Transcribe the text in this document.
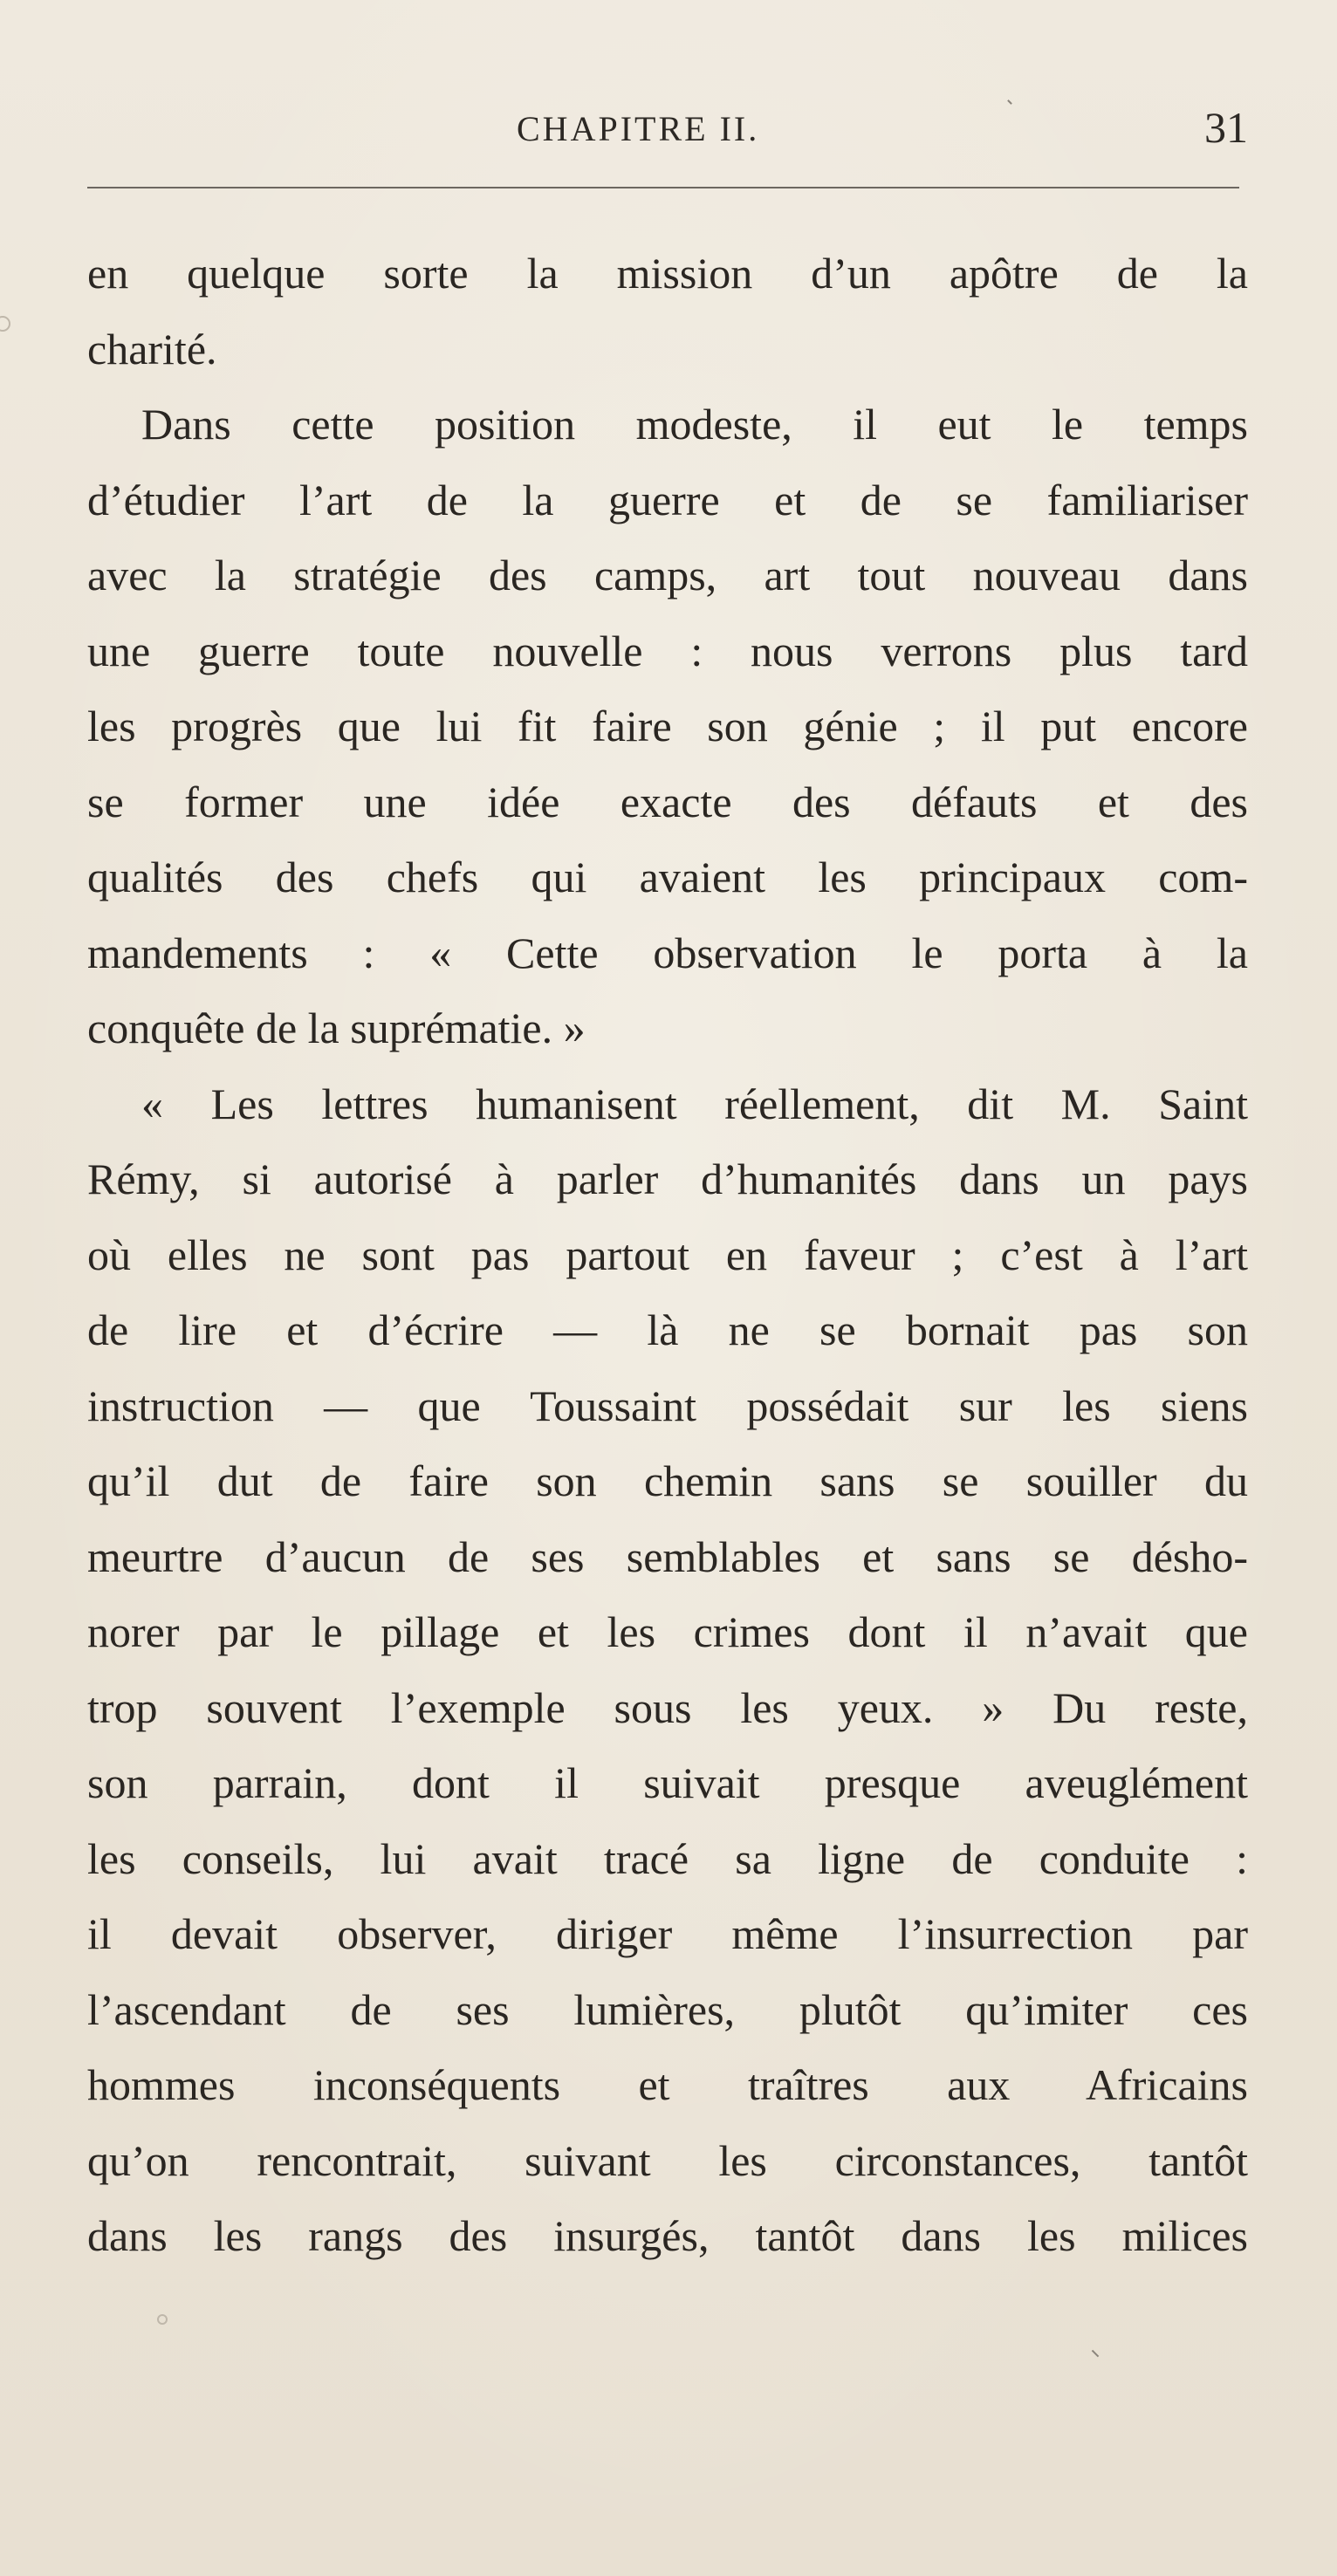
CHAPITRE II.	31
en quelque sorte la mission d’un apôtre de la
charité.
Dans cette position modeste, il eut le temps
d’étudier l’art de la guerre et de se familiariser
avec la stratégie des camps, art tout nouveau dans
une guerre toute nouvelle : nous verrons plus tard
les progrès que lui fit faire son génie ; il put encore
se former une idée exacte des défauts et des
qualités des chefs qui avaient les principaux com-
mandements : « Cette observation le porta à la
conquête de la suprématie. »
« Les lettres humanisent réellement, dit M. Saint
Rémy, si autorisé à parler d’humanités dans un pays
où elles ne sont pas partout en faveur ; c’est à l’art
de lire et d’écrire — là ne se bornait pas son
instruction — que Toussaint possédait sur les siens
qu’il dut de faire son chemin sans se souiller du
meurtre d’aucun de ses semblables et sans se désho-
norer par le pillage et les crimes dont il n’avait que
trop souvent l’exemple sous les yeux. » Du reste,
son parrain, dont il suivait presque aveuglément
les conseils, lui avait tracé sa ligne de conduite :
il devait observer, diriger même l’insurrection par
l’ascendant de ses lumières, plutôt qu’imiter ces
hommes inconséquents et traîtres aux Africains
qu’on rencontrait, suivant les circonstances, tantôt
dans les rangs des insurgés, tantôt dans les milices
